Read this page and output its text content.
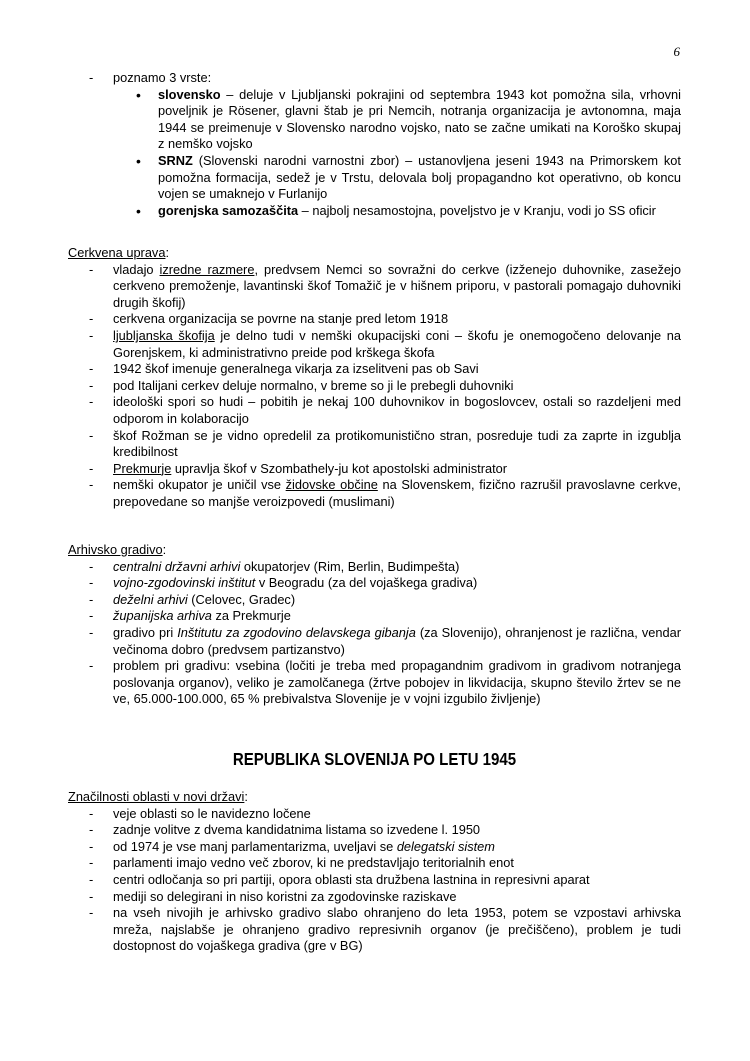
6
- poznamo 3 vrste:
• slovensko – deluje v Ljubljanski pokrajini od septembra 1943 kot pomožna sila, vrhovni poveljnik je Rösener, glavni štab je pri Nemcih, notranja organizacija je avtonomna, maja 1944 se preimenuje v Slovensko narodno vojsko, nato se začne umikati na Koroško skupaj z nemško vojsko
• SRNZ (Slovenski narodni varnostni zbor) – ustanovljena jeseni 1943 na Primorskem kot pomožna formacija, sedež je v Trstu, delovala bolj propagandno kot operativno, ob koncu vojen se umaknejo v Furlanijo
• gorenjska samozaščita – najbolj nesamostojna, poveljstvo je v Kranju, vodi jo SS oficir
Cerkvena uprava:
- vladajo izredne razmere, predvsem Nemci so sovražni do cerkve (izženejo duhovnike, zasežejo cerkveno premoženje, lavantinski škof Tomažič je v hišnem priporu, v pastorali pomagajo duhovniki drugih škofij)
- cerkvena organizacija se povrne na stanje pred letom 1918
- ljubljanska škofija je delno tudi v nemški okupacijski coni – škofu je onemogočeno delovanje na Gorenjskem, ki administrativno preide pod krškega škofa
- 1942 škof imenuje generalnega vikarja za izselitveni pas ob Savi
- pod Italijani cerkev deluje normalno, v breme so ji le prebegli duhovniki
- ideološki spori so hudi – pobitih je nekaj 100 duhovnikov in bogoslovcev, ostali so razdeljeni med odporom in kolaboracijo
- škof Rožman se je vidno opredelil za protikomunistično stran, posreduje tudi za zaprte in izgublja kredibilnost
- Prekmurje upravlja škof v Szombathely-ju kot apostolski administrator
- nemški okupator je uničil vse židovske občine na Slovenskem, fizično razrušil pravoslavne cerkve, prepovedane so manjše veroizpovedi (muslimani)
Arhivsko gradivo:
- centralni državni arhivi okupatorjev (Rim, Berlin, Budimpešta)
- vojno-zgodovinski inštitut v Beogradu (za del vojaškega gradiva)
- deželni arhivi (Celovec, Gradec)
- županijska arhiva za Prekmurje
- gradivo pri Inštitutu za zgodovino delavskega gibanja (za Slovenijo), ohranjenost je različna, vendar večinoma dobro (predvsem partizanstvo)
- problem pri gradivu: vsebina (ločiti je treba med propagandnim gradivom in gradivom notranjega poslovanja organov), veliko je zamolčanega (žrtve pobojev in likvidacija, skupno število žrtev se ne ve, 65.000-100.000, 65 % prebivalstva Slovenije je v vojni izgubilo življenje)
REPUBLIKA SLOVENIJA PO LETU 1945
Značilnosti oblasti v novi državi:
- veje oblasti so le navidezno ločene
- zadnje volitve z dvema kandidatnima listama so izvedene l. 1950
- od 1974 je vse manj parlamentarizma, uveljavi se delegatski sistem
- parlamenti imajo vedno več zborov, ki ne predstavljajo teritorialnih enot
- centri odločanja so pri partiji, opora oblasti sta družbena lastnina in represivni aparat
- mediji so delegirani in niso koristni za zgodovinske raziskave
- na vseh nivojih je arhivsko gradivo slabo ohranjeno do leta 1953, potem se vzpostavi arhivska mreža, najslabše je ohranjeno gradivo represivnih organov (je prečiščeno), problem je tudi dostopnost do vojaškega gradiva (gre v BG)
